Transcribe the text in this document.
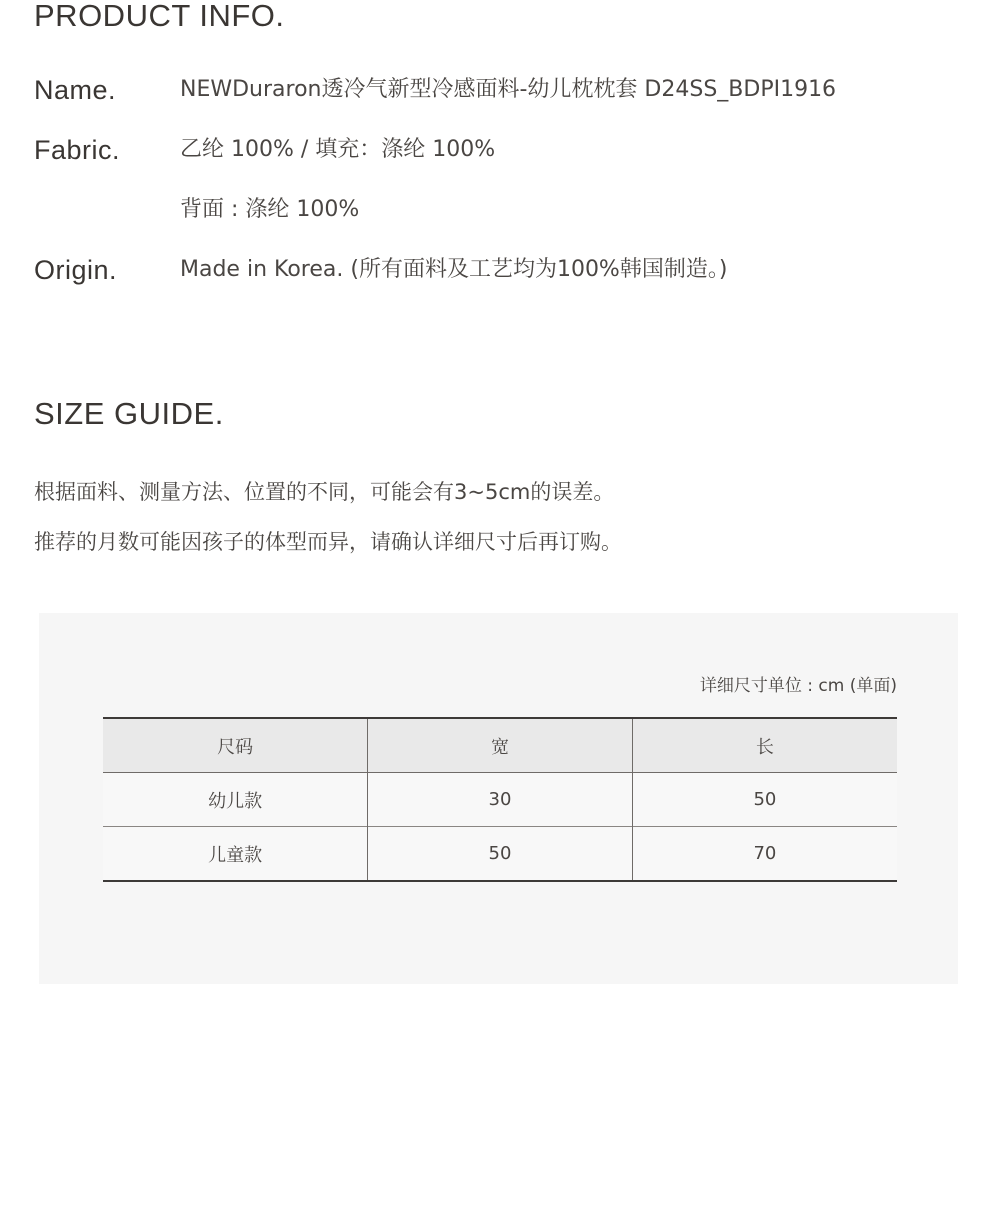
PRODUCT INFO.
Name.	NEWDuraron透冷气新型冷感面料-幼儿枕枕套 D24SS_BDPI1916
Fabric.	乙纶 100% / 填充：涤纶 100%
背面 : 涤纶 100%
Origin.	Made in Korea. (所有面料及工艺均为100%韩国制造。)
SIZE GUIDE.

根据面料、测量方法、位置的不同，可能会有3~5cm的误差。

推荐的月数可能因孩子的体型而异，请确认详细尺寸后再订购。

详细尺寸单位 : cm (单面)
尺码	宽	长
幼儿款	30	50
儿童款	50	70
